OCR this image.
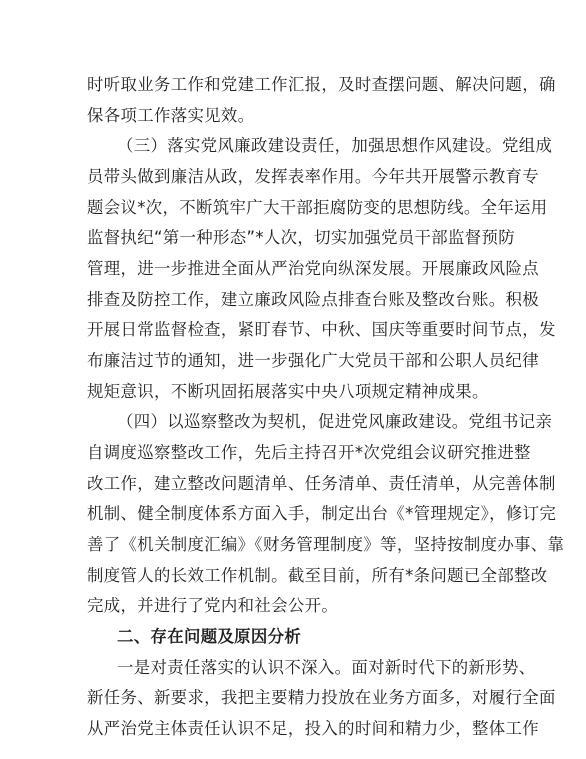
时听取业务工作和党建工作汇报，及时查摆问题、解决问题，确
保各项工作落实见效。
（三）落实党风廉政建设责任，加强思想作风建设。党组成
员带头做到廉洁从政，发挥表率作用。今年共开展警示教育专
题会议*次，不断筑牢广大干部拒腐防变的思想防线。全年运用
监督执纪“第一种形态”*人次，切实加强党员干部监督预防
管理，进一步推进全面从严治党向纵深发展。开展廉政风险点
排查及防控工作，建立廉政风险点排查台账及整改台账。积极
开展日常监督检查，紧盯春节、中秋、国庆等重要时间节点，发
布廉洁过节的通知，进一步强化广大党员干部和公职人员纪律
规矩意识，不断巩固拓展落实中央八项规定精神成果。
（四）以巡察整改为契机，促进党风廉政建设。党组书记亲
自调度巡察整改工作，先后主持召开*次党组会议研究推进整
改工作，建立整改问题清单、任务清单、责任清单，从完善体制
机制、健全制度体系方面入手，制定出台《*管理规定》，修订完
善了《机关制度汇编》《财务管理制度》等，坚持按制度办事、靠
制度管人的长效工作机制。截至目前，所有*条问题已全部整改
完成，并进行了党内和社会公开。
二、存在问题及原因分析
一是对责任落实的认识不深入。面对新时代下的新形势、
新任务、新要求，我把主要精力投放在业务方面多，对履行全面
从严治党主体责任认识不足，投入的时间和精力少，整体工作
